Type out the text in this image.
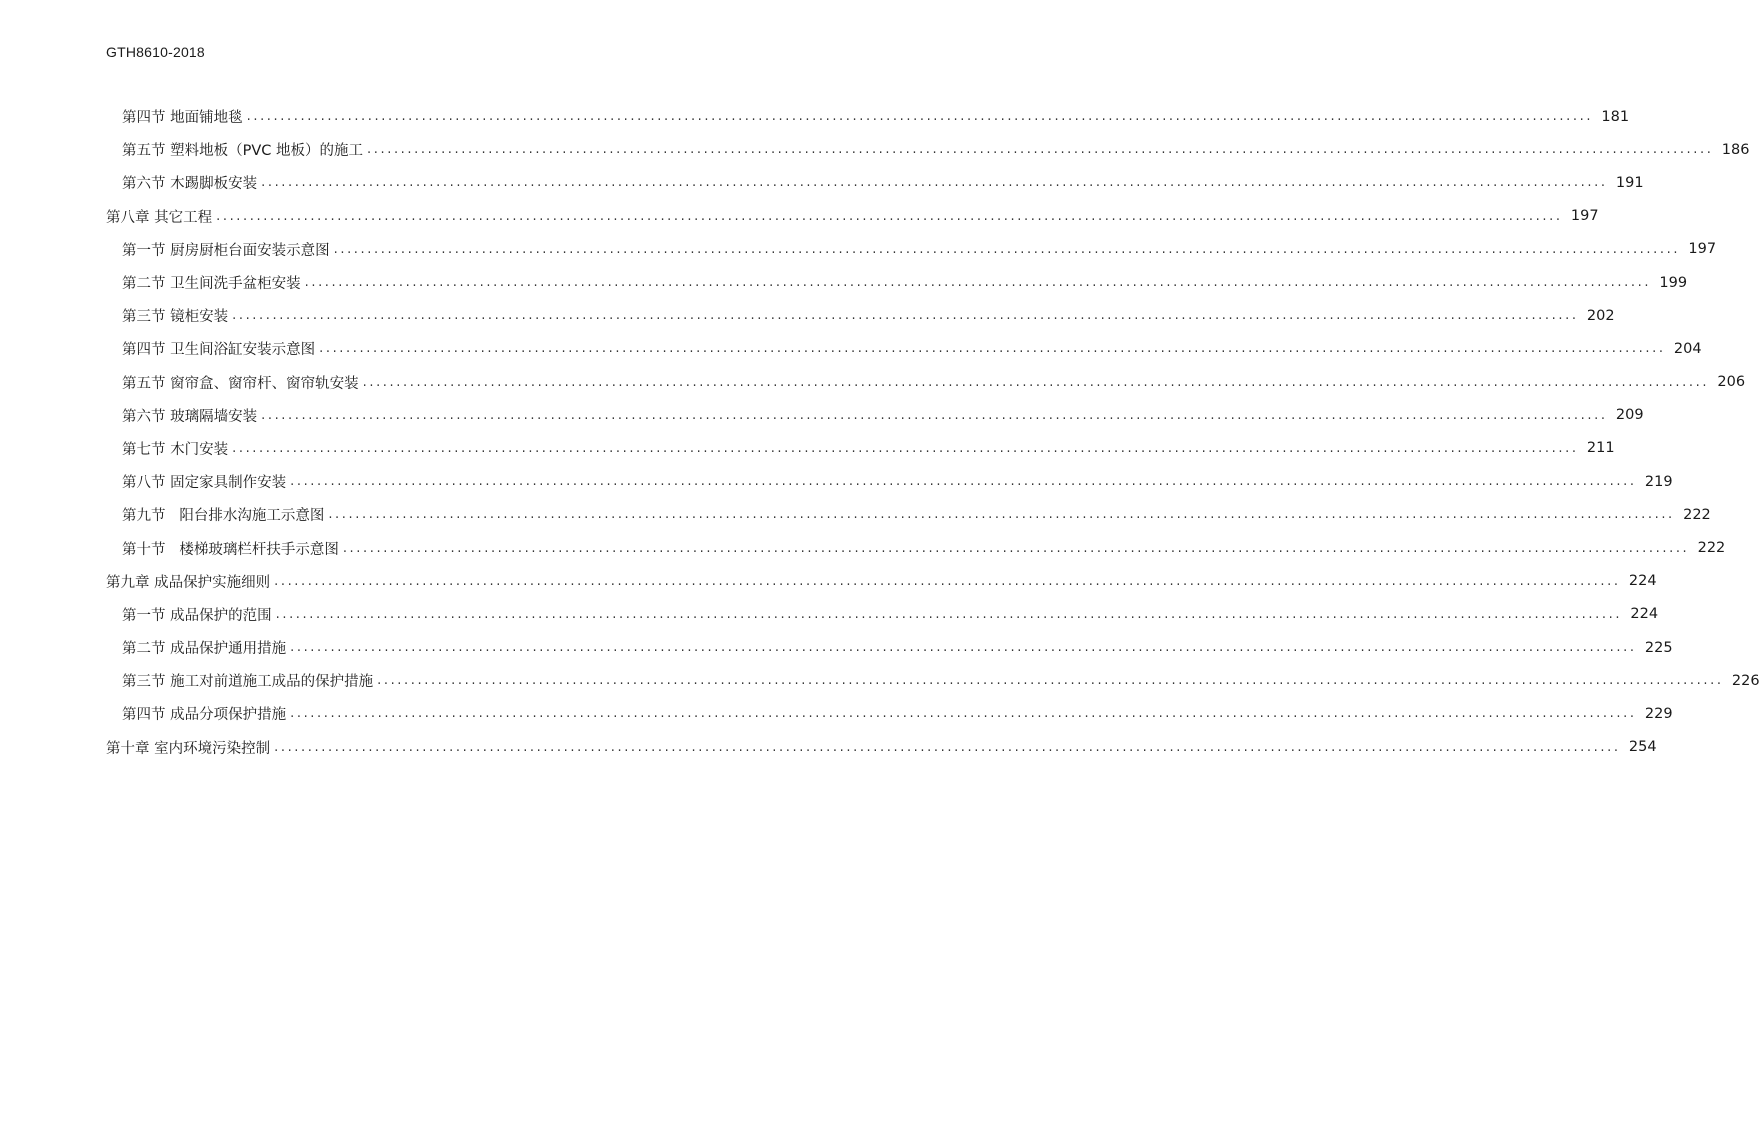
GTH8610-2018
第四节 地面铺地毯 ........................................................................................................................................................................................................ 181
第五节 塑料地板（PVC 地板）的施工 ........................................................................................................................................................................................................ 186
第六节 木踢脚板安装 ........................................................................................................................................................................................................ 191
第八章 其它工程 ........................................................................................................................................................................................................ 197
第一节 厨房厨柜台面安装示意图 ........................................................................................................................................................................................................ 197
第二节 卫生间洗手盆柜安装 ........................................................................................................................................................................................................ 199
第三节 镜柜安装 ........................................................................................................................................................................................................ 202
第四节 卫生间浴缸安装示意图 ........................................................................................................................................................................................................ 204
第五节 窗帘盒、窗帘杆、窗帘轨安装 ........................................................................................................................................................................................................ 206
第六节 玻璃隔墙安装 ........................................................................................................................................................................................................ 209
第七节 木门安装 ........................................................................................................................................................................................................ 211
第八节 固定家具制作安装 ........................................................................................................................................................................................................ 219
第九节   阳台排水沟施工示意图 ........................................................................................................................................................................................................ 222
第十节   楼梯玻璃栏杆扶手示意图 ........................................................................................................................................................................................................ 222
第九章 成品保护实施细则 ........................................................................................................................................................................................................ 224
第一节 成品保护的范围 ........................................................................................................................................................................................................ 224
第二节 成品保护通用措施 ........................................................................................................................................................................................................ 225
第三节 施工对前道施工成品的保护措施 ........................................................................................................................................................................................................ 226
第四节 成品分项保护措施 ........................................................................................................................................................................................................ 229
第十章 室内环境污染控制 ........................................................................................................................................................................................................ 254
